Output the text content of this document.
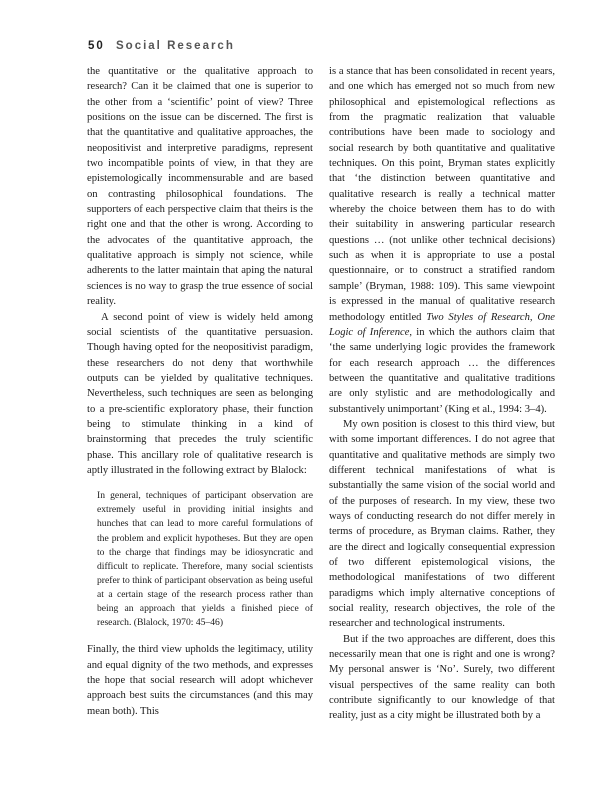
50 Social Research

the quantitative or the qualitative approach to research? Can it be claimed that one is superior to the other from a ‘scientific’ point of view? Three positions on the issue can be discerned. The first is that the quantitative and qualitative approaches, the neopositivist and interpretive paradigms, represent two incompatible points of view, in that they are epistemologically incommensurable and are based on contrasting philosophical foundations. The supporters of each perspective claim that theirs is the right one and that the other is wrong. According to the advocates of the quantitative approach, the qualitative approach is simply not science, while adherents to the latter maintain that aping the natural sciences is no way to grasp the true essence of social reality.

A second point of view is widely held among social scientists of the quantitative persuasion. Though having opted for the neopositivist paradigm, these researchers do not deny that worthwhile outputs can be yielded by qualitative techniques. Nevertheless, such techniques are seen as belonging to a pre-scientific exploratory phase, their function being to stimulate thinking in a kind of brainstorming that precedes the truly scientific phase. This ancillary role of qualitative research is aptly illustrated in the following extract by Blalock:

In general, techniques of participant observation are extremely useful in providing initial insights and hunches that can lead to more careful formulations of the problem and explicit hypotheses. But they are open to the charge that findings may be idiosyncratic and difficult to replicate. Therefore, many social scientists prefer to think of participant observation as being useful at a certain stage of the research process rather than being an approach that yields a finished piece of research. (Blalock, 1970: 45–46)

Finally, the third view upholds the legitimacy, utility and equal dignity of the two methods, and expresses the hope that social research will adopt whichever approach best suits the circumstances (and this may mean both). This

is a stance that has been consolidated in recent years, and one which has emerged not so much from new philosophical and epistemological reflections as from the pragmatic realization that valuable contributions have been made to sociology and social research by both quantitative and qualitative techniques. On this point, Bryman states explicitly that ‘the distinction between quantitative and qualitative research is really a technical matter whereby the choice between them has to do with their suitability in answering particular research questions … (not unlike other technical decisions) such as when it is appropriate to use a postal questionnaire, or to construct a stratified random sample’ (Bryman, 1988: 109). This same viewpoint is expressed in the manual of qualitative research methodology entitled Two Styles of Research, One Logic of Inference, in which the authors claim that ‘the same underlying logic provides the framework for each research approach … the differences between the quantitative and qualitative traditions are only stylistic and are methodologically and substantively unimportant’ (King et al., 1994: 3–4).

My own position is closest to this third view, but with some important differences. I do not agree that quantitative and qualitative methods are simply two different technical manifestations of what is substantially the same vision of the social world and of the purposes of research. In my view, these two ways of conducting research do not differ merely in terms of procedure, as Bryman claims. Rather, they are the direct and logically consequential expression of two different epistemological visions, the methodological manifestations of two different paradigms which imply alternative conceptions of social reality, research objectives, the role of the researcher and technological instruments.

But if the two approaches are different, does this necessarily mean that one is right and one is wrong? My personal answer is ‘No’. Surely, two different visual perspectives of the same reality can both contribute significantly to our knowledge of that reality, just as a city might be illustrated both by a
